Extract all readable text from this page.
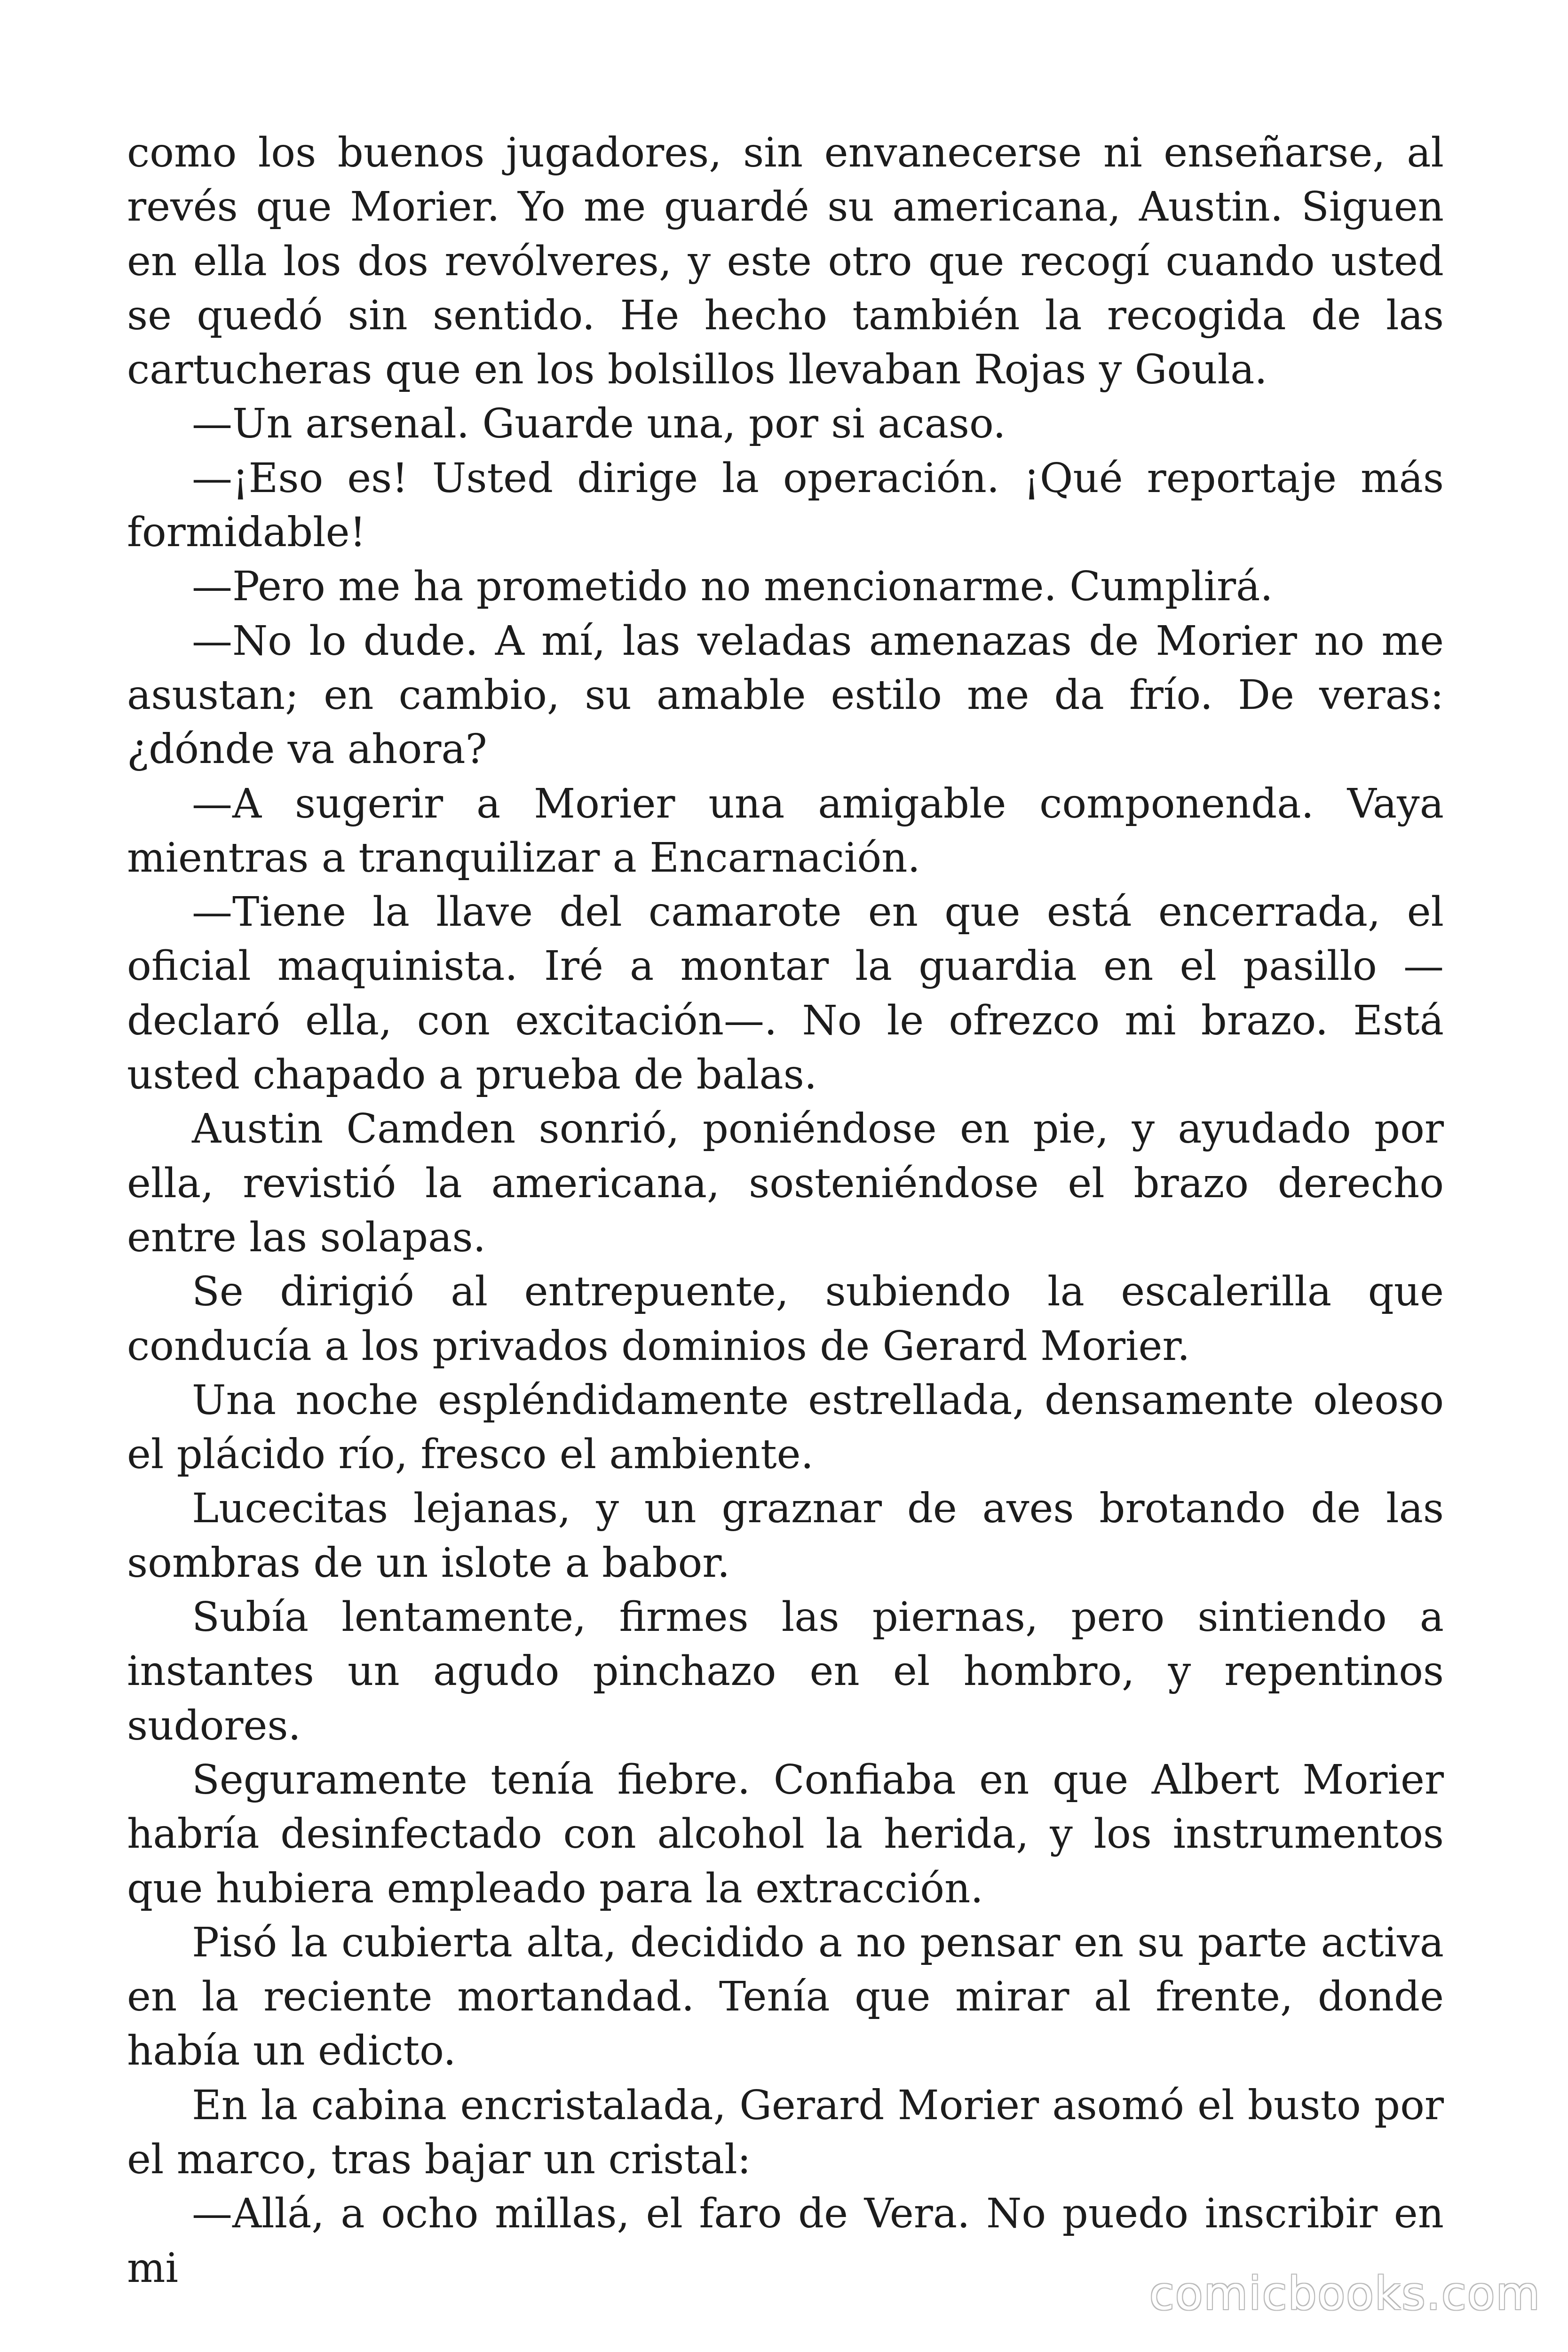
como los buenos jugadores, sin envanecerse ni enseñarse, al revés que Morier. Yo me guardé su americana, Austin. Siguen en ella los dos revólveres, y este otro que recogí cuando usted se quedó sin sentido. He hecho también la recogida de las cartucheras que en los bolsillos llevaban Rojas y Goula.

—Un arsenal. Guarde una, por si acaso.

—¡Eso es! Usted dirige la operación. ¡Qué reportaje más formidable!

—Pero me ha prometido no mencionarme. Cumplirá.

—No lo dude. A mí, las veladas amenazas de Morier no me asustan; en cambio, su amable estilo me da frío. De veras: ¿dónde va ahora?

—A sugerir a Morier una amigable componenda. Vaya mientras a tranquilizar a Encarnación.

—Tiene la llave del camarote en que está encerrada, el oficial maquinista. Iré a montar la guardia en el pasillo —declaró ella, con excitación—. No le ofrezco mi brazo. Está usted chapado a prueba de balas.

Austin Camden sonrió, poniéndose en pie, y ayudado por ella, revistió la americana, sosteniéndose el brazo derecho entre las solapas.

Se dirigió al entrepuente, subiendo la escalerilla que conducía a los privados dominios de Gerard Morier.

Una noche espléndidamente estrellada, densamente oleoso el plácido río, fresco el ambiente.

Lucecitas lejanas, y un graznar de aves brotando de las sombras de un islote a babor.

Subía lentamente, firmes las piernas, pero sintiendo a instantes un agudo pinchazo en el hombro, y repentinos sudores.

Seguramente tenía fiebre. Confiaba en que Albert Morier habría desinfectado con alcohol la herida, y los instrumentos que hubiera empleado para la extracción.

Pisó la cubierta alta, decidido a no pensar en su parte activa en la reciente mortandad. Tenía que mirar al frente, donde había un edicto.

En la cabina encristalada, Gerard Morier asomó el busto por el marco, tras bajar un cristal:

—Allá, a ocho millas, el faro de Vera. No puedo inscribir en mi	comicbooks.com
